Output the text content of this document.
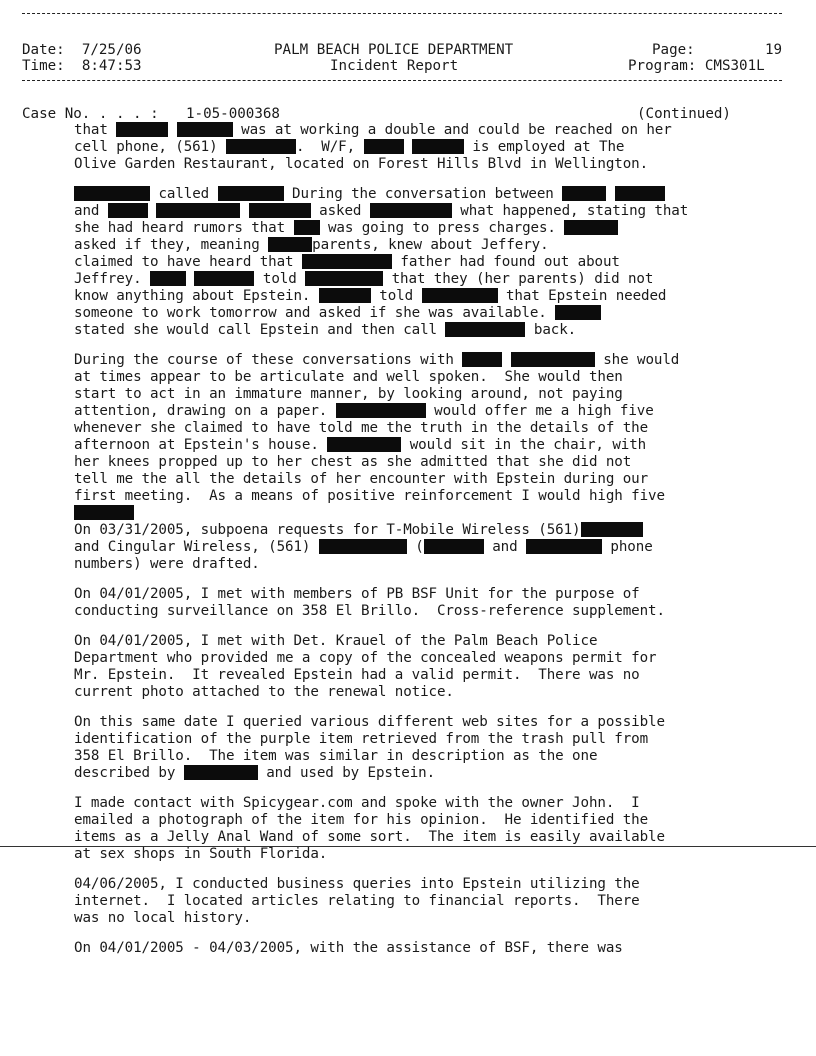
Date: 7/25/06
Time: 8:47:53
PALM BEACH POLICE DEPARTMENT
Incident Report
Page:	19
Program: CMS301L
Case No. . . . : 1-05-000368	(Continued)
that	was at working a double and could be reached on her
cell phone, (561)	.  W/F,	is employed at The
Olive Garden Restaurant, located on Forest Hills Blvd in Wellington.
called	During the conversation between
and	asked	what happened, stating that
she had heard rumors that	was going to press charges.
asked if they, meaning	parents, knew about Jeffery.
claimed to have heard that	father had found out about
Jeffrey.	told	that they (her parents) did not
know anything about Epstein.	told	that Epstein needed
someone to work tomorrow and asked if she was available.
stated she would call Epstein and then call	back.
During the course of these conversations with	she would
at times appear to be articulate and well spoken.  She would then
start to act in an immature manner, by looking around, not paying
attention, drawing on a paper.	would offer me a high five
whenever she claimed to have told me the truth in the details of the
afternoon at Epstein's house.	would sit in the chair, with
her knees propped up to her chest as she admitted that she did not
tell me the all the details of her encounter with Epstein during our
first meeting.  As a means of positive reinforcement I would high five
On 03/31/2005, subpoena requests for T-Mobile Wireless (561)
and Cingular Wireless, (561)	(	and	phone
numbers) were drafted.
On 04/01/2005, I met with members of PB BSF Unit for the purpose of
conducting surveillance on 358 El Brillo.  Cross-reference supplement.
On 04/01/2005, I met with Det. Krauel of the Palm Beach Police
Department who provided me a copy of the concealed weapons permit for
Mr. Epstein.  It revealed Epstein had a valid permit.  There was no
current photo attached to the renewal notice.
On this same date I queried various different web sites for a possible
identification of the purple item retrieved from the trash pull from
358 El Brillo.  The item was similar in description as the one
described by	and used by Epstein.
I made contact with Spicygear.com and spoke with the owner John.  I
emailed a photograph of the item for his opinion.  He identified the
items as a Jelly Anal Wand of some sort.  The item is easily available
at sex shops in South Florida.
04/06/2005, I conducted business queries into Epstein utilizing the
internet.  I located articles relating to financial reports.  There
was no local history.
On 04/01/2005 - 04/03/2005, with the assistance of BSF, there was
